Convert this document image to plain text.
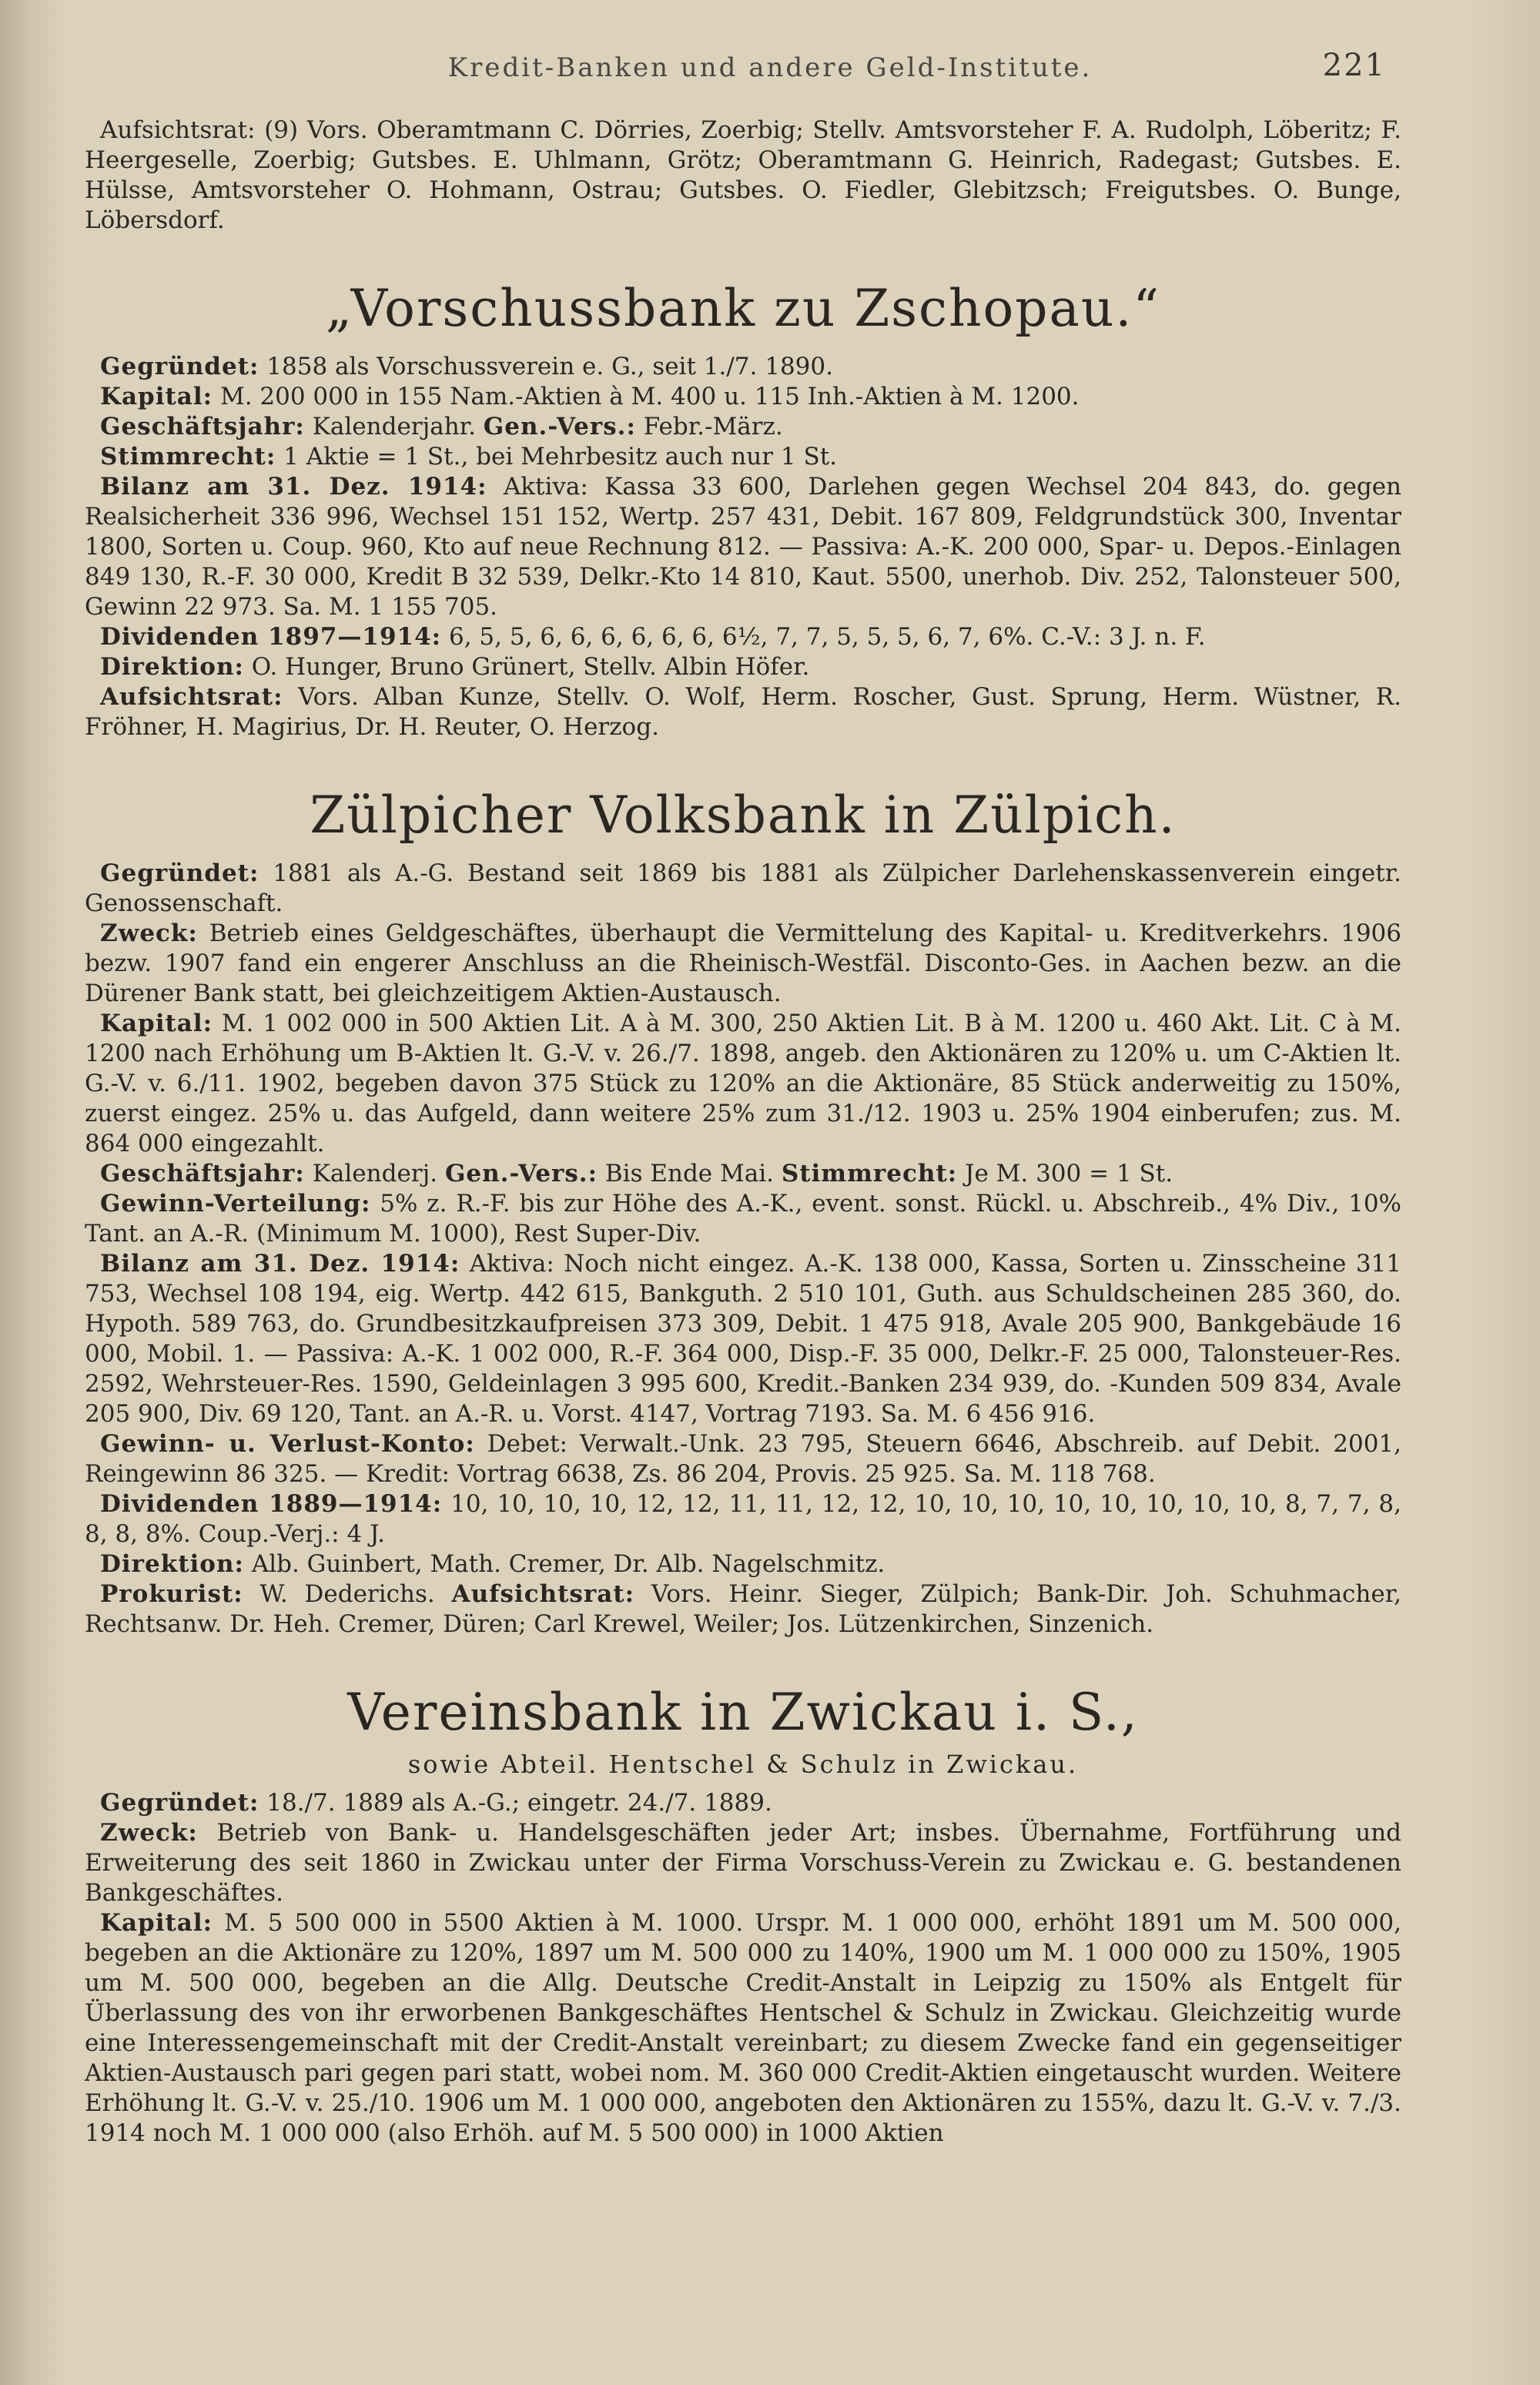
Kredit-Banken und andere Geld-Institute.	221

Aufsichtsrat: (9) Vors. Oberamtmann C. Dörries, Zoerbig; Stellv. Amtsvorsteher F. A. Rudolph, Löberitz; F. Heergeselle, Zoerbig; Gutsbes. E. Uhlmann, Grötz; Oberamtmann G. Heinrich, Radegast; Gutsbes. E. Hülsse, Amtsvorsteher O. Hohmann, Ostrau; Gutsbes. O. Fiedler, Glebitzsch; Freigutsbes. O. Bunge, Löbersdorf.

„Vorschussbank zu Zschopau.“

Gegründet: 1858 als Vorschussverein e. G., seit 1./7. 1890.

Kapital: M. 200 000 in 155 Nam.-Aktien à M. 400 u. 115 Inh.-Aktien à M. 1200.

Geschäftsjahr: Kalenderjahr. Gen.-Vers.: Febr.-März.

Stimmrecht: 1 Aktie = 1 St., bei Mehrbesitz auch nur 1 St.

Bilanz am 31. Dez. 1914: Aktiva: Kassa 33 600, Darlehen gegen Wechsel 204 843, do. gegen Realsicherheit 336 996, Wechsel 151 152, Wertp. 257 431, Debit. 167 809, Feldgrundstück 300, Inventar 1800, Sorten u. Coup. 960, Kto auf neue Rechnung 812. — Passiva: A.-K. 200 000, Spar- u. Depos.-Einlagen 849 130, R.-F. 30 000, Kredit B 32 539, Delkr.-Kto 14 810, Kaut. 5500, unerhob. Div. 252, Talonsteuer 500, Gewinn 22 973. Sa. M. 1 155 705.

Dividenden 1897—1914: 6, 5, 5, 6, 6, 6, 6, 6, 6, 6½, 7, 7, 5, 5, 5, 6, 7, 6%. C.-V.: 3 J. n. F.

Direktion: O. Hunger, Bruno Grünert, Stellv. Albin Höfer.

Aufsichtsrat: Vors. Alban Kunze, Stellv. O. Wolf, Herm. Roscher, Gust. Sprung, Herm. Wüstner, R. Fröhner, H. Magirius, Dr. H. Reuter, O. Herzog.

Zülpicher Volksbank in Zülpich.

Gegründet: 1881 als A.-G. Bestand seit 1869 bis 1881 als Zülpicher Darlehenskassenverein eingetr. Genossenschaft.

Zweck: Betrieb eines Geldgeschäftes, überhaupt die Vermittelung des Kapital- u. Kreditverkehrs. 1906 bezw. 1907 fand ein engerer Anschluss an die Rheinisch-Westfäl. Disconto-Ges. in Aachen bezw. an die Dürener Bank statt, bei gleichzeitigem Aktien-Austausch.

Kapital: M. 1 002 000 in 500 Aktien Lit. A à M. 300, 250 Aktien Lit. B à M. 1200 u. 460 Akt. Lit. C à M. 1200 nach Erhöhung um B-Aktien lt. G.-V. v. 26./7. 1898, angeb. den Aktionären zu 120% u. um C-Aktien lt. G.-V. v. 6./11. 1902, begeben davon 375 Stück zu 120% an die Aktionäre, 85 Stück anderweitig zu 150%, zuerst eingez. 25% u. das Aufgeld, dann weitere 25% zum 31./12. 1903 u. 25% 1904 einberufen; zus. M. 864 000 eingezahlt.

Geschäftsjahr: Kalenderj. Gen.-Vers.: Bis Ende Mai. Stimmrecht: Je M. 300 = 1 St.

Gewinn-Verteilung: 5% z. R.-F. bis zur Höhe des A.-K., event. sonst. Rückl. u. Abschreib., 4% Div., 10% Tant. an A.-R. (Minimum M. 1000), Rest Super-Div.

Bilanz am 31. Dez. 1914: Aktiva: Noch nicht eingez. A.-K. 138 000, Kassa, Sorten u. Zinsscheine 311 753, Wechsel 108 194, eig. Wertp. 442 615, Bankguth. 2 510 101, Guth. aus Schuldscheinen 285 360, do. Hypoth. 589 763, do. Grundbesitzkaufpreisen 373 309, Debit. 1 475 918, Avale 205 900, Bankgebäude 16 000, Mobil. 1. — Passiva: A.-K. 1 002 000, R.-F. 364 000, Disp.-F. 35 000, Delkr.-F. 25 000, Talonsteuer-Res. 2592, Wehrsteuer-Res. 1590, Geldeinlagen 3 995 600, Kredit.-Banken 234 939, do. -Kunden 509 834, Avale 205 900, Div. 69 120, Tant. an A.-R. u. Vorst. 4147, Vortrag 7193. Sa. M. 6 456 916.

Gewinn- u. Verlust-Konto: Debet: Verwalt.-Unk. 23 795, Steuern 6646, Abschreib. auf Debit. 2001, Reingewinn 86 325. — Kredit: Vortrag 6638, Zs. 86 204, Provis. 25 925. Sa. M. 118 768.

Dividenden 1889—1914: 10, 10, 10, 10, 12, 12, 11, 11, 12, 12, 10, 10, 10, 10, 10, 10, 10, 10, 8, 7, 7, 8, 8, 8, 8%. Coup.-Verj.: 4 J.

Direktion: Alb. Guinbert, Math. Cremer, Dr. Alb. Nagelschmitz.

Prokurist: W. Dederichs. Aufsichtsrat: Vors. Heinr. Sieger, Zülpich; Bank-Dir. Joh. Schuhmacher, Rechtsanw. Dr. Heh. Cremer, Düren; Carl Krewel, Weiler; Jos. Lützenkirchen, Sinzenich.

Vereinsbank in Zwickau i. S.,
sowie Abteil. Hentschel & Schulz in Zwickau.

Gegründet: 18./7. 1889 als A.-G.; eingetr. 24./7. 1889.

Zweck: Betrieb von Bank- u. Handelsgeschäften jeder Art; insbes. Übernahme, Fortführung und Erweiterung des seit 1860 in Zwickau unter der Firma Vorschuss-Verein zu Zwickau e. G. bestandenen Bankgeschäftes.

Kapital: M. 5 500 000 in 5500 Aktien à M. 1000. Urspr. M. 1 000 000, erhöht 1891 um M. 500 000, begeben an die Aktionäre zu 120%, 1897 um M. 500 000 zu 140%, 1900 um M. 1 000 000 zu 150%, 1905 um M. 500 000, begeben an die Allg. Deutsche Credit-Anstalt in Leipzig zu 150% als Entgelt für Überlassung des von ihr erworbenen Bankgeschäftes Hentschel & Schulz in Zwickau. Gleichzeitig wurde eine Interessengemeinschaft mit der Credit-Anstalt vereinbart; zu diesem Zwecke fand ein gegenseitiger Aktien-Austausch pari gegen pari statt, wobei nom. M. 360 000 Credit-Aktien eingetauscht wurden. Weitere Erhöhung lt. G.-V. v. 25./10. 1906 um M. 1 000 000, angeboten den Aktionären zu 155%, dazu lt. G.-V. v. 7./3. 1914 noch M. 1 000 000 (also Erhöh. auf M. 5 500 000) in 1000 Aktien
